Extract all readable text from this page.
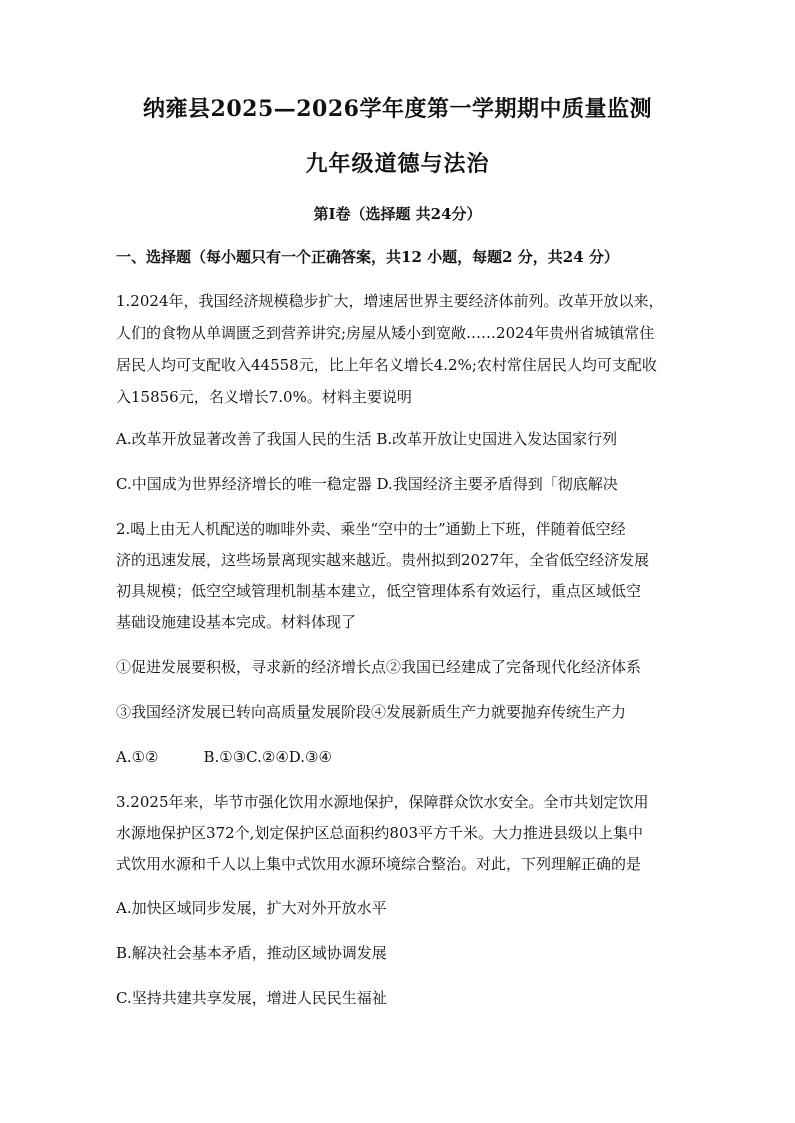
纳雍县2025—2026学年度第一学期期中质量监测
九年级道德与法治
第I卷（选择题 共24分）
一、选择题（每小题只有一个正确答案，共12 小题，每题2 分，共24 分）
1.2024年，我国经济规模稳步扩大，增速居世界主要经济体前列。改革开放以来，
人们的食物从单调匮乏到营养讲究;房屋从矮小到宽敞……2024年贵州省城镇常住
居民人均可支配收入44558元，比上年名义增长4.2%;农村常住居民人均可支配收
入15856元，名义增长7.0%。材料主要说明
A.改革开放显著改善了我国人民的生活 B.改革开放让史国进入发达国家行列
C.中国成为世界经济增长的唯一稳定器 D.我国经济主要矛盾得到「彻底解决
2.喝上由无人机配送的咖啡外卖、乘坐“空中的士”通勤上下班，伴随着低空经
济的迅速发展，这些场景离现实越来越近。贵州拟到2027年，全省低空经济发展
初具规模；低空空域管理机制基本建立，低空管理体系有效运行，重点区域低空
基础设施建设基本完成。材料体现了
①促进发展要积极，寻求新的经济增长点②我国已经建成了完备现代化经济体系
③我国经济发展已转向高质量发展阶段④发展新质生产力就要抛弃传统生产力
A.①②　　　B.①③C.②④D.③④
3.2025年来，毕节市强化饮用水源地保护，保障群众饮水安全。全市共划定饮用
水源地保护区372个,划定保护区总面积约803平方千米。大力推进县级以上集中
式饮用水源和千人以上集中式饮用水源环境综合整治。对此，下列理解正确的是
A.加快区域同步发展，扩大对外开放水平
B.解决社会基本矛盾，推动区域协调发展
C.坚持共建共享发展，增进人民民生福祉
